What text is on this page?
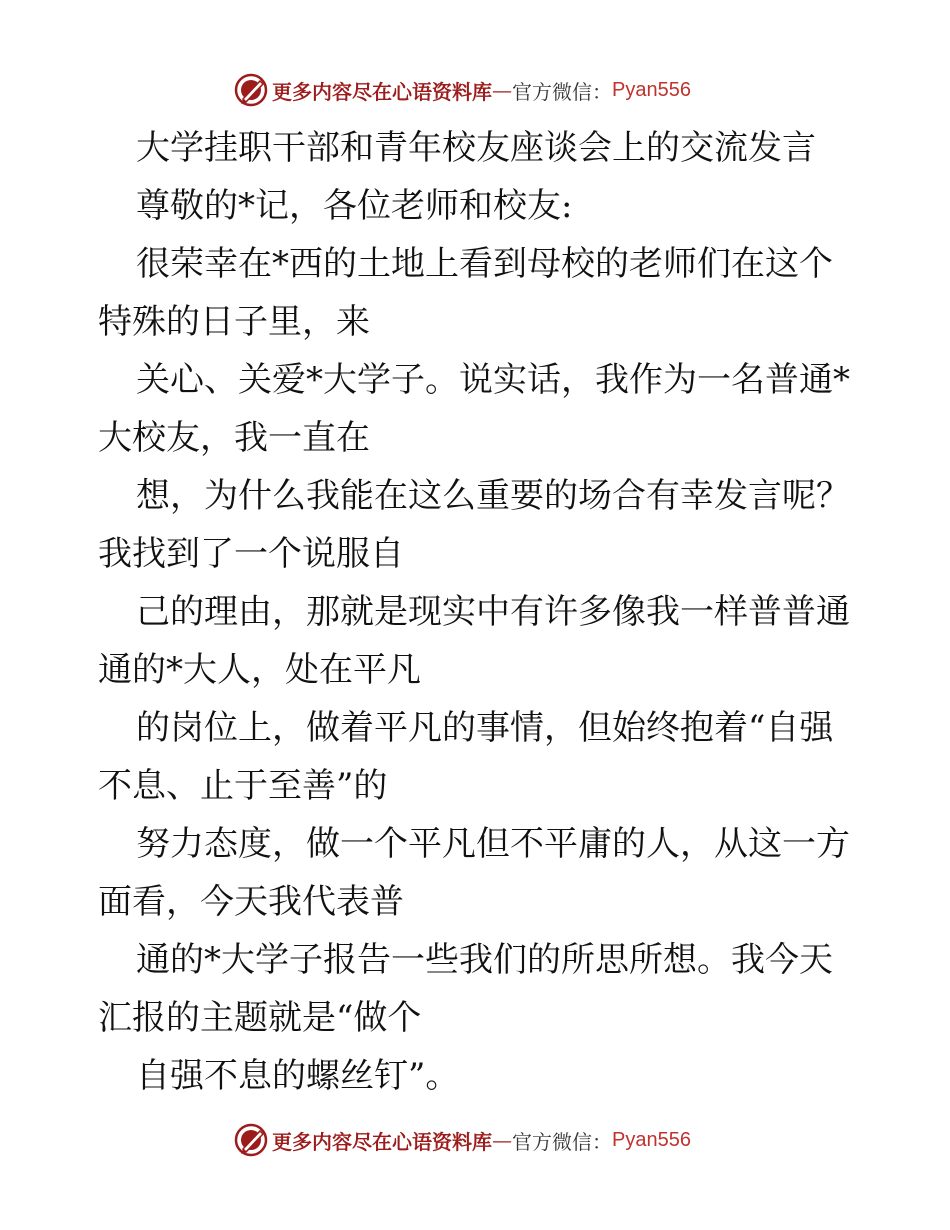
更多内容尽在心语资料库 — 官方微信： Pyan556
大学挂职干部和青年校友座谈会上的交流发言
尊敬的*记，各位老师和校友:
很荣幸在*西的土地上看到母校的老师们在这个
特殊的日子里，来
关心、关爱*大学子。说实话，我作为一名普通*
大校友，我一直在
想，为什么我能在这么重要的场合有幸发言呢？
我找到了一个说服自
己的理由，那就是现实中有许多像我一样普普通
通的*大人，处在平凡
的岗位上，做着平凡的事情，但始终抱着“自强
不息、止于至善”的
努力态度，做一个平凡但不平庸的人，从这一方
面看，今天我代表普
通的*大学子报告一些我们的所思所想。我今天
汇报的主题就是“做个
自强不息的螺丝钉”。
更多内容尽在心语资料库 — 官方微信： Pyan556
